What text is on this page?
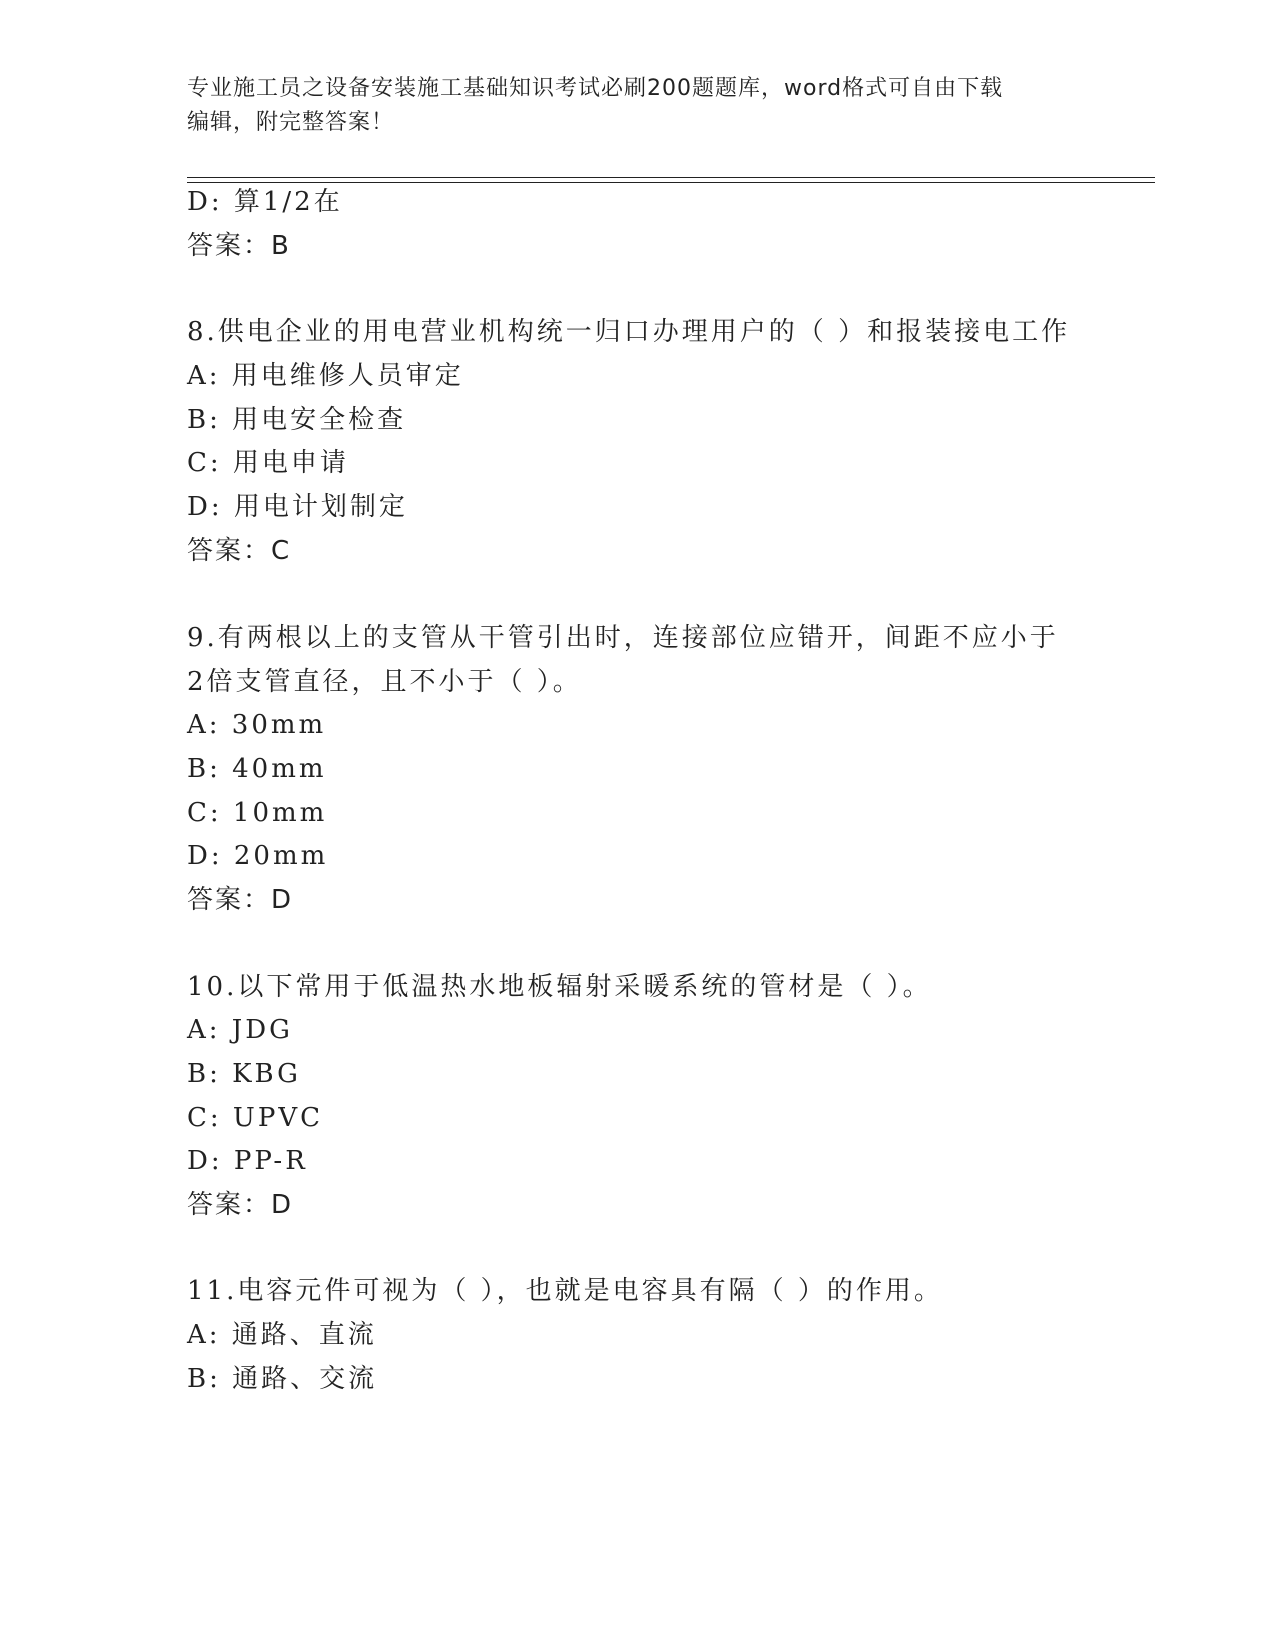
专业施工员之设备安装施工基础知识考试必刷200题题库，word格式可自由下载
编辑，附完整答案！
D: 算1/2在
答案：B
8.供电企业的用电营业机构统一归口办理用户的（ ）和报装接电工作
A: 用电维修人员审定
B: 用电安全检查
C: 用电申请
D: 用电计划制定
答案：C
9.有两根以上的支管从干管引出时，连接部位应错开，间距不应小于
2倍支管直径，且不小于（ ）。
A: 30mm
B: 40mm
C: 10mm
D: 20mm
答案：D
10.以下常用于低温热水地板辐射采暖系统的管材是（ ）。
A: JDG
B: KBG
C: UPVC
D: PP-R
答案：D
11.电容元件可视为（ ），也就是电容具有隔（ ）的作用。
A: 通路、直流
B: 通路、交流
